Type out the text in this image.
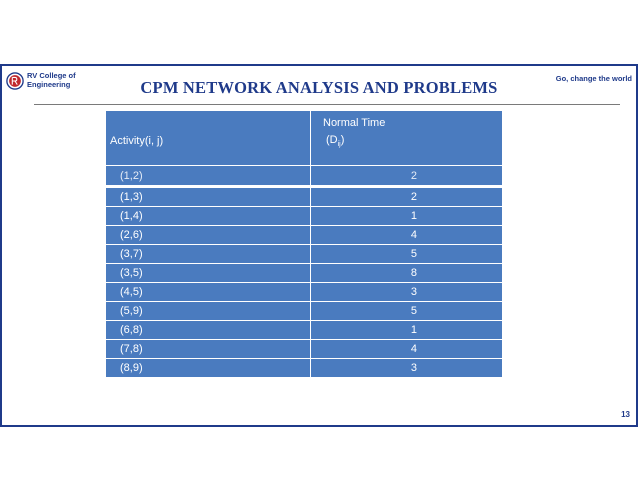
RV College of Engineering	CPM NETWORK ANALYSIS AND PROBLEMS	Go, change the world
Activity(i, j)	Normal Time
$(D_{ij})$

(1,2)	2
(1,3)	2
(1,4)	1
(2,6)	4
(3,7)	5
(3,5)	8
(4,5)	3
(5,9)	5
(6,8)	1
(7,8)	4
(8,9)	3
13
